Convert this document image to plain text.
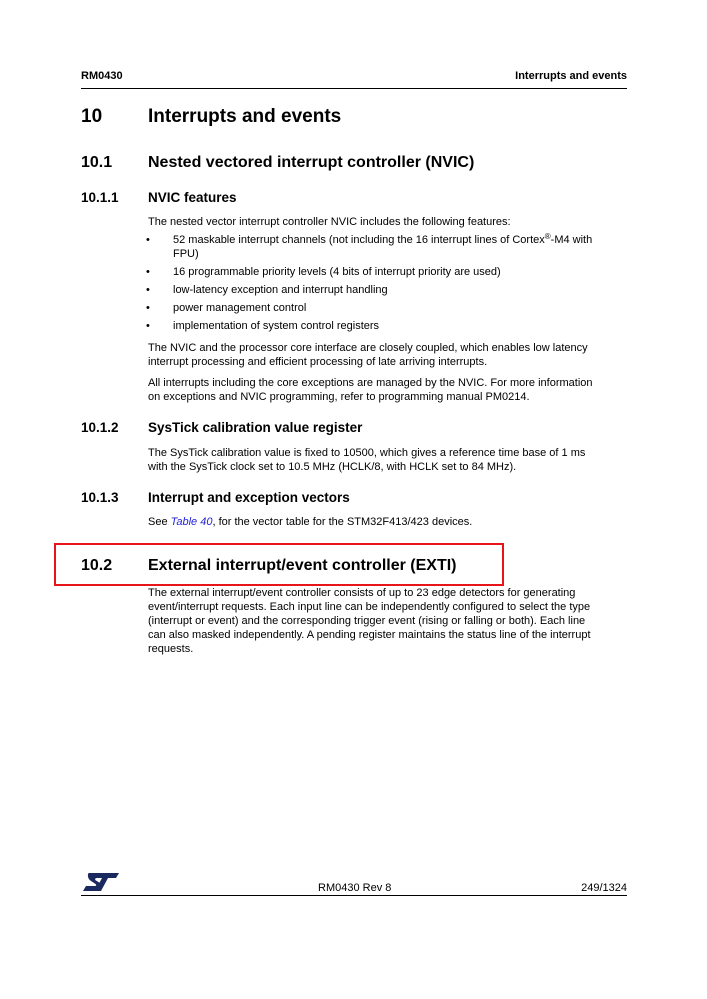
RM0430	Interrupts and events
10 Interrupts and events
10.1 Nested vectored interrupt controller (NVIC)
10.1.1 NVIC features
The nested vector interrupt controller NVIC includes the following features:
• 52 maskable interrupt channels (not including the 16 interrupt lines of Cortex®-M4 with
FPU)
• 16 programmable priority levels (4 bits of interrupt priority are used)
• low-latency exception and interrupt handling
• power management control
• implementation of system control registers
The NVIC and the processor core interface are closely coupled, which enables low latency
interrupt processing and efficient processing of late arriving interrupts.
All interrupts including the core exceptions are managed by the NVIC. For more information
on exceptions and NVIC programming, refer to programming manual PM0214.
10.1.2 SysTick calibration value register
The SysTick calibration value is fixed to 10500, which gives a reference time base of 1 ms
with the SysTick clock set to 10.5 MHz (HCLK/8, with HCLK set to 84 MHz).
10.1.3 Interrupt and exception vectors
See Table 40, for the vector table for the STM32F413/423 devices.
10.2 External interrupt/event controller (EXTI)
The external interrupt/event controller consists of up to 23 edge detectors for generating
event/interrupt requests. Each input line can be independently configured to select the type
(interrupt or event) and the corresponding trigger event (rising or falling or both). Each line
can also masked independently. A pending register maintains the status line of the interrupt
requests.
RM0430 Rev 8	249/1324
